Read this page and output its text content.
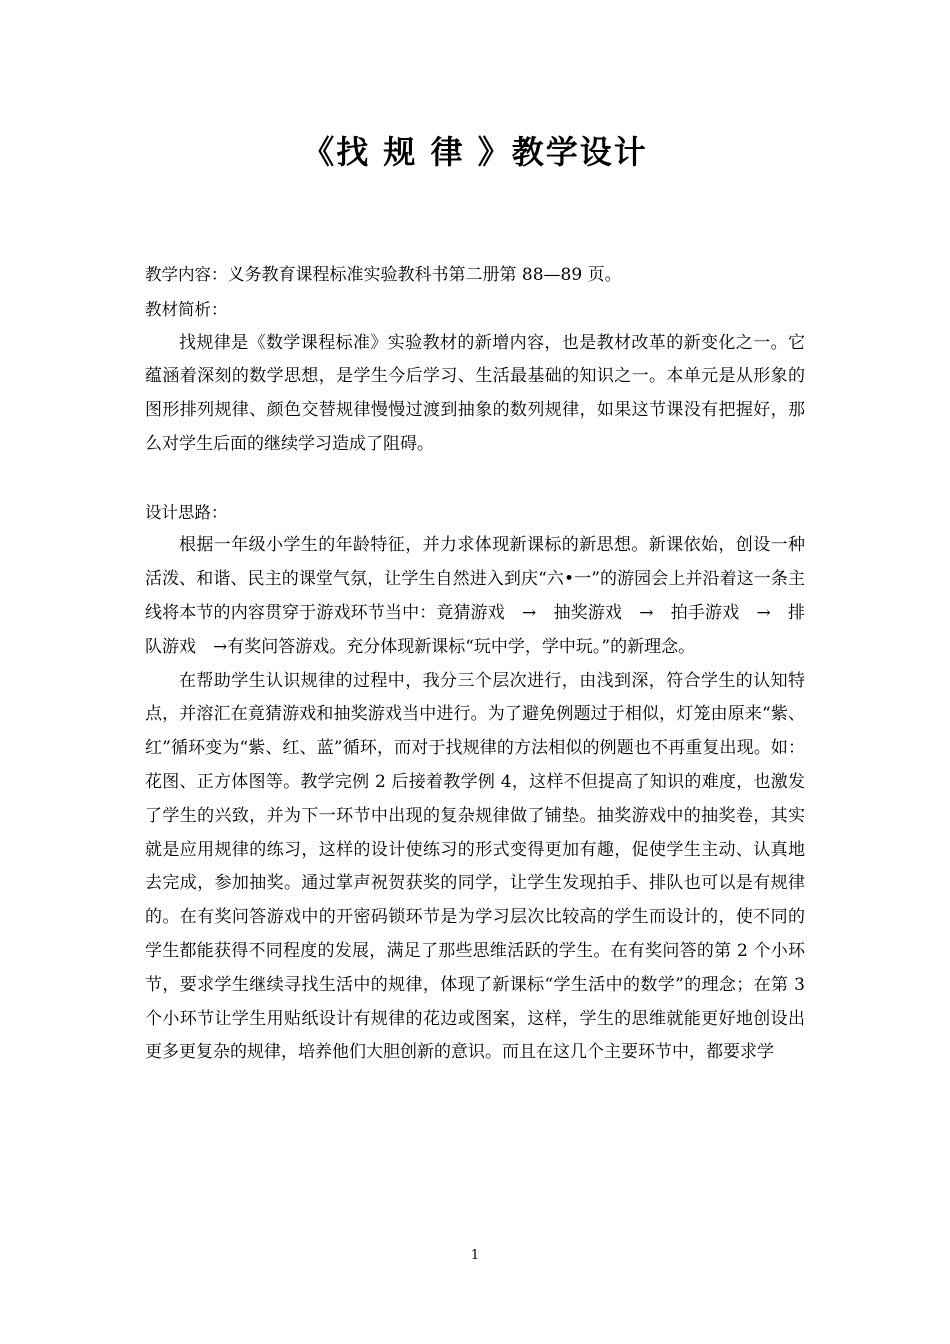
《找 规 律 》教学设计
教学内容：义务教育课程标准实验教科书第二册第 88—89 页。
教材简析：

找规律是《数学课程标准》实验教材的新增内容，也是教材改革的新变化之一。它蕴涵着深刻的数学思想，是学生今后学习、生活最基础的知识之一。本单元是从形象的图形排列规律、颜色交替规律慢慢过渡到抽象的数列规律，如果这节课没有把握好，那么对学生后面的继续学习造成了阻碍。

设计思路：

根据一年级小学生的年龄特征，并力求体现新课标的新思想。新课依始，创设一种活泼、和谐、民主的课堂气氛，让学生自然进入到庆“六•一”的游园会上并沿着这一条主线将本节的内容贯穿于游戏环节当中：竟猜游戏　→　抽奖游戏　→　拍手游戏　→　排队游戏　→有奖问答游戏。充分体现新课标“玩中学，学中玩。”的新理念。

在帮助学生认识规律的过程中，我分三个层次进行，由浅到深，符合学生的认知特点，并溶汇在竟猜游戏和抽奖游戏当中进行。为了避免例题过于相似，灯笼由原来“紫、红”循环变为“紫、红、蓝”循环，而对于找规律的方法相似的例题也不再重复出现。如：花图、正方体图等。教学完例 2 后接着教学例 4，这样不但提高了知识的难度，也激发了学生的兴致，并为下一环节中出现的复杂规律做了铺垫。抽奖游戏中的抽奖卷，其实就是应用规律的练习，这样的设计使练习的形式变得更加有趣，促使学生主动、认真地去完成，参加抽奖。通过掌声祝贺获奖的同学，让学生发现拍手、排队也可以是有规律的。在有奖问答游戏中的开密码锁环节是为学习层次比较高的学生而设计的，使不同的学生都能获得不同程度的发展，满足了那些思维活跃的学生。在有奖问答的第 2 个小环节，要求学生继续寻找生活中的规律，体现了新课标“学生活中的数学”的理念；在第 3 个小环节让学生用贴纸设计有规律的花边或图案，这样，学生的思维就能更好地创设出更多更复杂的规律，培养他们大胆创新的意识。而且在这几个主要环节中，都要求学

1
